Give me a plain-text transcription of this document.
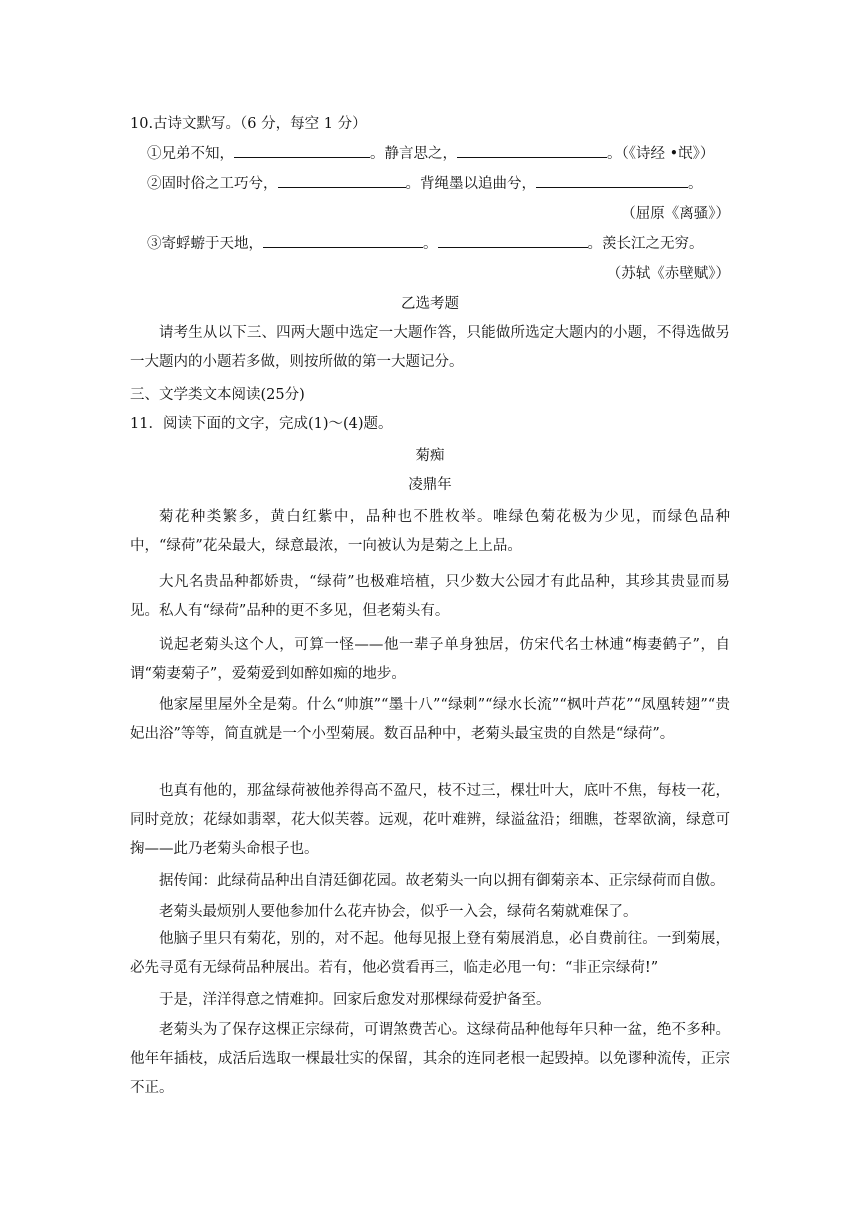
10.古诗文默写。（6 分，每空 1 分）
①兄弟不知，	。静言思之，	。（《诗经 •氓》）
②固时俗之工巧兮，	。背绳墨以追曲兮，	。
（屈原《离骚》）
③寄蜉蝣于天地，	。	。羡长江之无穷。
（苏轼《赤壁赋》）
乙选考题
请考生从以下三、四两大题中选定一大题作答，只能做所选定大题内的小题，不得选做另一大题内的小题若多做，则按所做的第一大题记分。
三、文学类文本阅读(25分)
11．阅读下面的文字，完成(1)～(4)题。
菊痴
凌鼎年
菊花种类繁多，黄白红紫中，品种也不胜枚举。唯绿色菊花极为少见，而绿色品种中，“绿荷”花朵最大，绿意最浓，一向被认为是菊之上上品。
大凡名贵品种都娇贵，“绿荷”也极难培植，只少数大公园才有此品种，其珍其贵显而易见。私人有“绿荷”品种的更不多见，但老菊头有。
说起老菊头这个人，可算一怪——他一辈子单身独居，仿宋代名士林逋“梅妻鹤子”，自谓“菊妻菊子”，爱菊爱到如醉如痴的地步。
他家屋里屋外全是菊。什么“帅旗”“墨十八”“绿刺”“绿水长流”“枫叶芦花”“凤凰转翅”“贵妃出浴”等等，简直就是一个小型菊展。数百品种中，老菊头最宝贵的自然是“绿荷”。
也真有他的，那盆绿荷被他养得高不盈尺，枝不过三，棵壮叶大，底叶不焦，每枝一花，同时竞放；花绿如翡翠，花大似芙蓉。远观，花叶难辨，绿溢盆沿；细瞧，苍翠欲滴，绿意可掬——此乃老菊头命根子也。
据传闻：此绿荷品种出自清廷御花园。故老菊头一向以拥有御菊亲本、正宗绿荷而自傲。
老菊头最烦别人要他参加什么花卉协会，似乎一入会，绿荷名菊就难保了。
他脑子里只有菊花，别的，对不起。他每见报上登有菊展消息，必自费前往。一到菊展，必先寻觅有无绿荷品种展出。若有，他必赏看再三，临走必甩一句：“非正宗绿荷!”
于是，洋洋得意之情难抑。回家后愈发对那棵绿荷爱护备至。
老菊头为了保存这棵正宗绿荷，可谓煞费苦心。这绿荷品种他每年只种一盆，绝不多种。他年年插枝，成活后选取一棵最壮实的保留，其余的连同老根一起毁掉。以免谬种流传，正宗不正。
